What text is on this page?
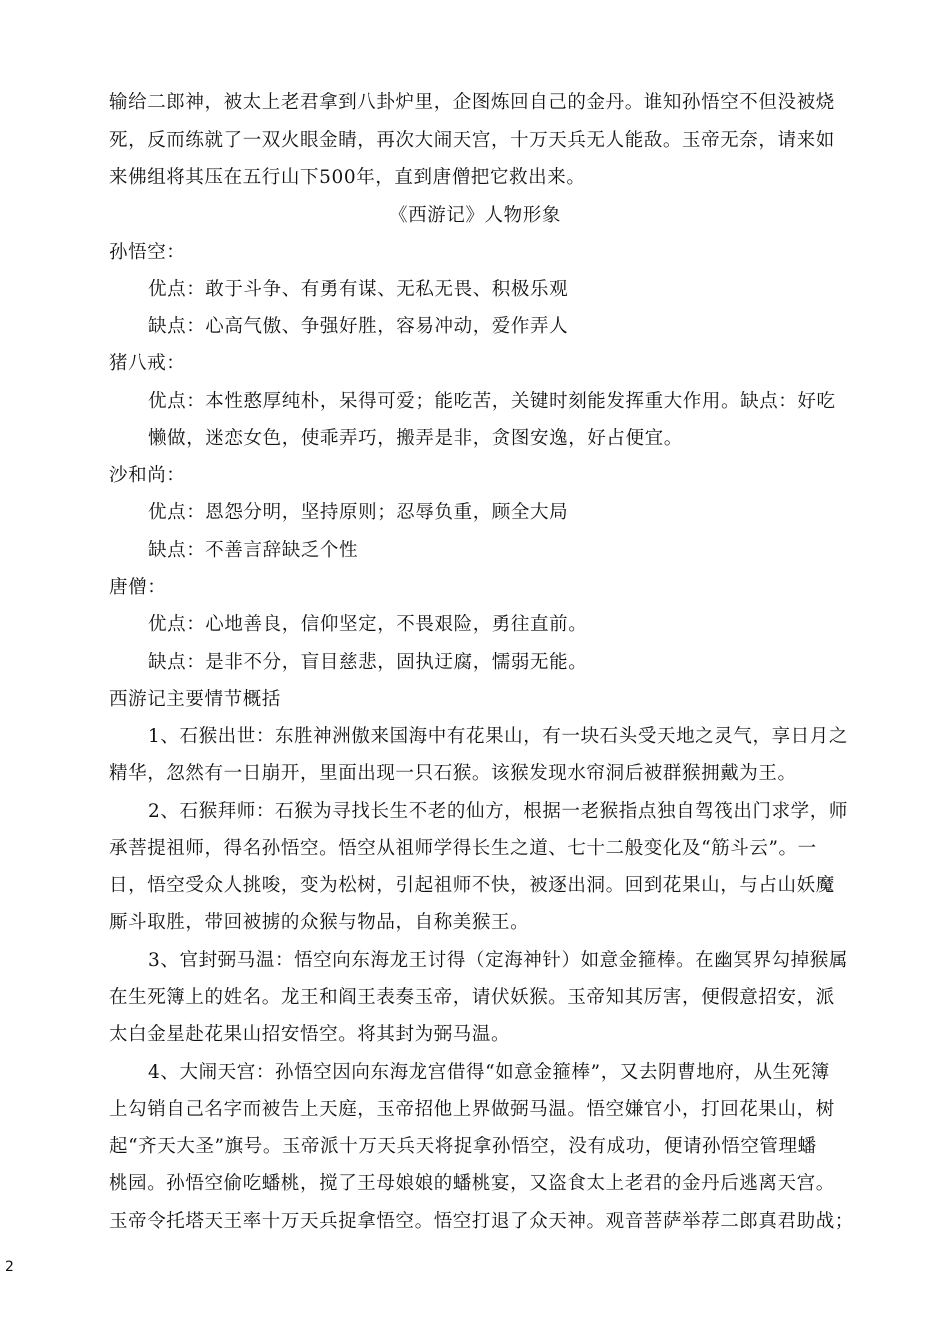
输给二郎神，被太上老君拿到八卦炉里，企图炼回自己的金丹。谁知孙悟空不但没被烧
死，反而练就了一双火眼金睛，再次大闹天宫，十万天兵无人能敌。玉帝无奈，请来如
来佛组将其压在五行山下500年，直到唐僧把它救出来。
《西游记》人物形象
孙悟空：
优点：敢于斗争、有勇有谋、无私无畏、积极乐观
缺点：心高气傲、争强好胜，容易冲动，爱作弄人
猪八戒：
优点：本性憨厚纯朴，呆得可爱；能吃苦，关键时刻能发挥重大作用。缺点：好吃
懒做，迷恋女色，使乖弄巧，搬弄是非，贪图安逸，好占便宜。
沙和尚：
优点：恩怨分明，坚持原则；忍辱负重，顾全大局
缺点：不善言辞缺乏个性
唐僧：
优点：心地善良，信仰坚定，不畏艰险，勇往直前。
缺点：是非不分，盲目慈悲，固执迂腐，懦弱无能。
西游记主要情节概括
1、石猴出世：东胜神洲傲来国海中有花果山，有一块石头受天地之灵气，享日月之
精华，忽然有一日崩开，里面出现一只石猴。该猴发现水帘洞后被群猴拥戴为王。
2、石猴拜师：石猴为寻找长生不老的仙方，根据一老猴指点独自驾筏出门求学，师
承菩提祖师，得名孙悟空。悟空从祖师学得长生之道、七十二般变化及“筋斗云”。一
日，悟空受众人挑唆，变为松树，引起祖师不快，被逐出洞。回到花果山，与占山妖魔
厮斗取胜，带回被掳的众猴与物品，自称美猴王。
3、官封弼马温：悟空向东海龙王讨得（定海神针）如意金箍棒。在幽冥界勾掉猴属
在生死簿上的姓名。龙王和阎王表奏玉帝，请伏妖猴。玉帝知其厉害，便假意招安，派
太白金星赴花果山招安悟空。将其封为弼马温。
4、大闹天宫：孙悟空因向东海龙宫借得“如意金箍棒”，又去阴曹地府，从生死簿
上勾销自己名字而被告上天庭，玉帝招他上界做弼马温。悟空嫌官小，打回花果山，树
起“齐天大圣”旗号。玉帝派十万天兵天将捉拿孙悟空，没有成功，便请孙悟空管理蟠
桃园。孙悟空偷吃蟠桃，搅了王母娘娘的蟠桃宴，又盗食太上老君的金丹后逃离天宫。
玉帝令托塔天王率十万天兵捉拿悟空。悟空打退了众天神。观音菩萨举荐二郎真君助战；
2
